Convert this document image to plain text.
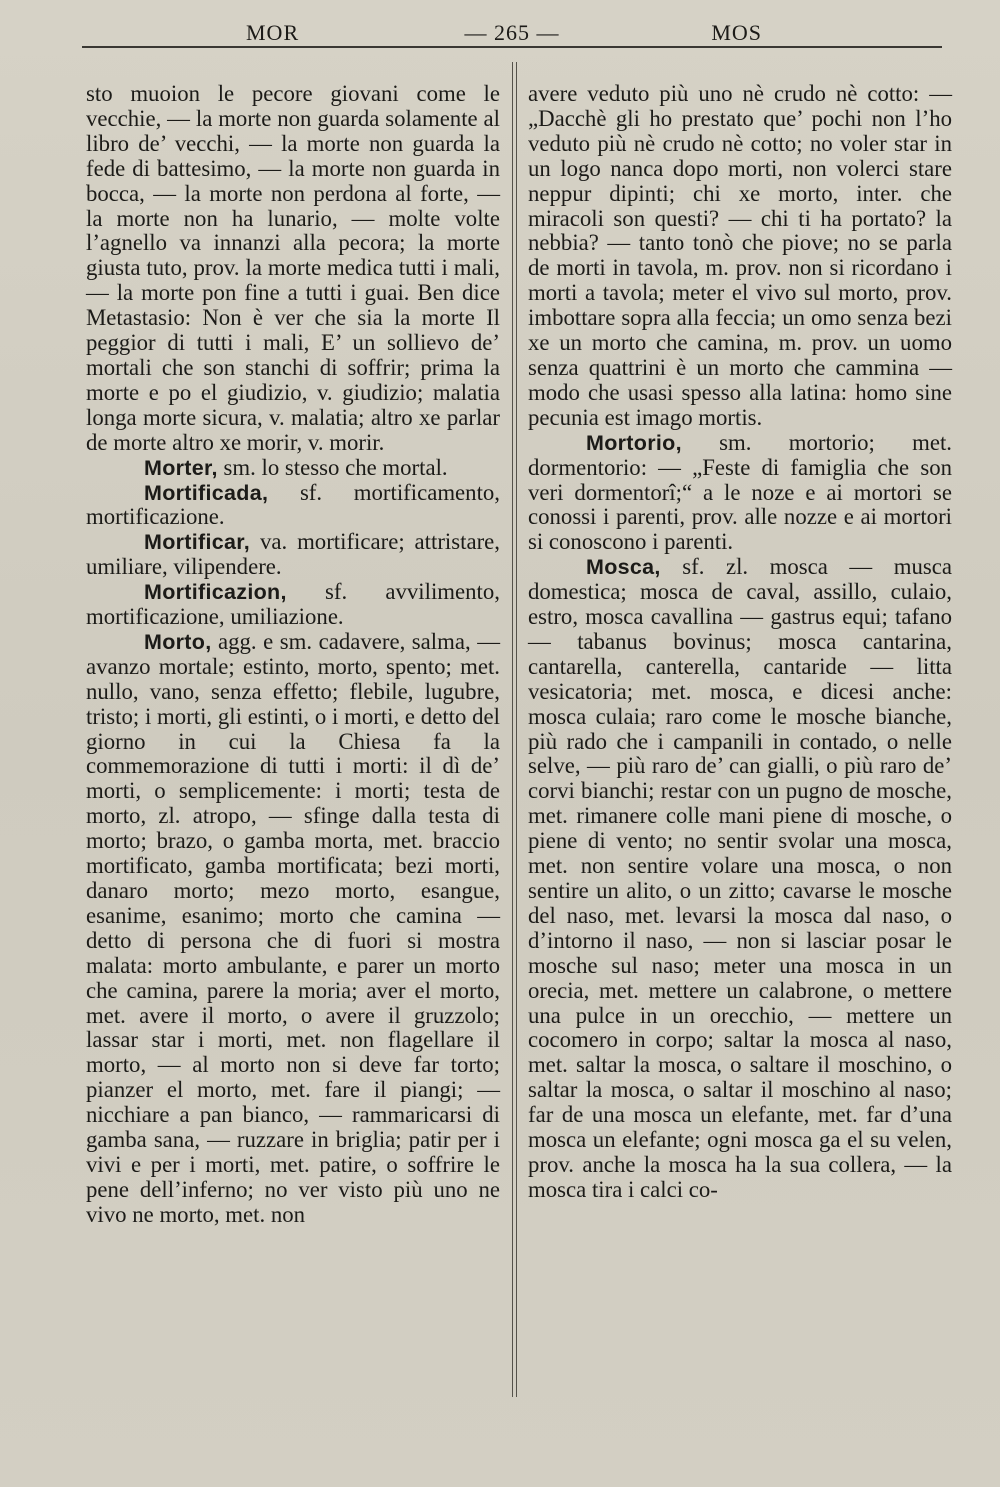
MOR	— 265 —	MOS

sto muoion le pecore giovani come le vecchie, — la morte non guarda solamente al libro de’ vecchi, — la morte non guarda la fede di battesimo, — la morte non guarda in bocca, — la morte non perdona al forte, — la morte non ha lunario, — molte volte l’agnello va innanzi alla pecora; la morte giusta tuto, prov. la morte medica tutti i mali, — la morte pon fine a tutti i guai. Ben dice Metastasio: Non è ver che sia la morte Il peggior di tutti i mali, E’ un sollievo de’ mortali che son stanchi di soffrir; prima la morte e po el giudizio, v. giudizio; malatia longa morte sicura, v. malatia; altro xe parlar de morte altro xe morir, v. morir.

Morter, sm. lo stesso che mortal.

Mortificada, sf. mortificamento, mortificazione.

Mortificar, va. mortificare; attristare, umiliare, vilipendere.

Mortificazion, sf. avvilimento, mortificazione, umiliazione.

Morto, agg. e sm. cadavere, salma, — avanzo mortale; estinto, morto, spento; met. nullo, vano, senza effetto; flebile, lugubre, tristo; i morti, gli estinti, o i morti, e detto del giorno in cui la Chiesa fa la commemorazione di tutti i morti: il dì de’ morti, o semplicemente: i morti; testa de morto, zl. atropo, — sfinge dalla testa di morto; brazo, o gamba morta, met. braccio mortificato, gamba mortificata; bezi morti, danaro morto; mezo morto, esangue, esanime, esanimo; morto che camina — detto di persona che di fuori si mostra malata: morto ambulante, e parer un morto che camina, parere la moria; aver el morto, met. avere il morto, o avere il gruzzolo; lassar star i morti, met. non flagellare il morto, — al morto non si deve far torto; pianzer el morto, met. fare il piangi; — nicchiare a pan bianco, — rammaricarsi di gamba sana, — ruzzare in briglia; patir per i vivi e per i morti, met. patire, o soffrire le pene dell’inferno; no ver visto più uno ne vivo ne morto, met. non

avere veduto più uno nè crudo nè cotto: — „Dacchè gli ho prestato que’ pochi non l’ho veduto più nè crudo nè cotto; no voler star in un logo nanca dopo morti, non volerci stare neppur dipinti; chi xe morto, inter. che miracoli son questi? — chi ti ha portato? la nebbia? — tanto tonò che piove; no se parla de morti in tavola, m. prov. non si ricordano i morti a tavola; meter el vivo sul morto, prov. imbottare sopra alla feccia; un omo senza bezi xe un morto che camina, m. prov. un uomo senza quattrini è un morto che cammina — modo che usasi spesso alla latina: homo sine pecunia est imago mortis.

Mortorio, sm. mortorio; met. dormentorio: — „Feste di famiglia che son veri dormentorî;“ a le noze e ai mortori se conossi i parenti, prov. alle nozze e ai mortori si conoscono i parenti.

Mosca, sf. zl. mosca — musca domestica; mosca de caval, assillo, culaio, estro, mosca cavallina — gastrus equi; tafano — tabanus bovinus; mosca cantarina, cantarella, canterella, cantaride — litta vesicatoria; met. mosca, e dicesi anche: mosca culaia; raro come le mosche bianche, più rado che i campanili in contado, o nelle selve, — più raro de’ can gialli, o più raro de’ corvi bianchi; restar con un pugno de mosche, met. rimanere colle mani piene di mosche, o piene di vento; no sentir svolar una mosca, met. non sentire volare una mosca, o non sentire un alito, o un zitto; cavarse le mosche del naso, met. levarsi la mosca dal naso, o d’intorno il naso, — non si lasciar posar le mosche sul naso; meter una mosca in un orecia, met. mettere un calabrone, o mettere una pulce in un orecchio, — mettere un cocomero in corpo; saltar la mosca al naso, met. saltar la mosca, o saltare il moschino, o saltar la mosca, o saltar il moschino al naso; far de una mosca un elefante, met. far d’una mosca un elefante; ogni mosca ga el su velen, prov. anche la mosca ha la sua collera, — la mosca tira i calci co-
